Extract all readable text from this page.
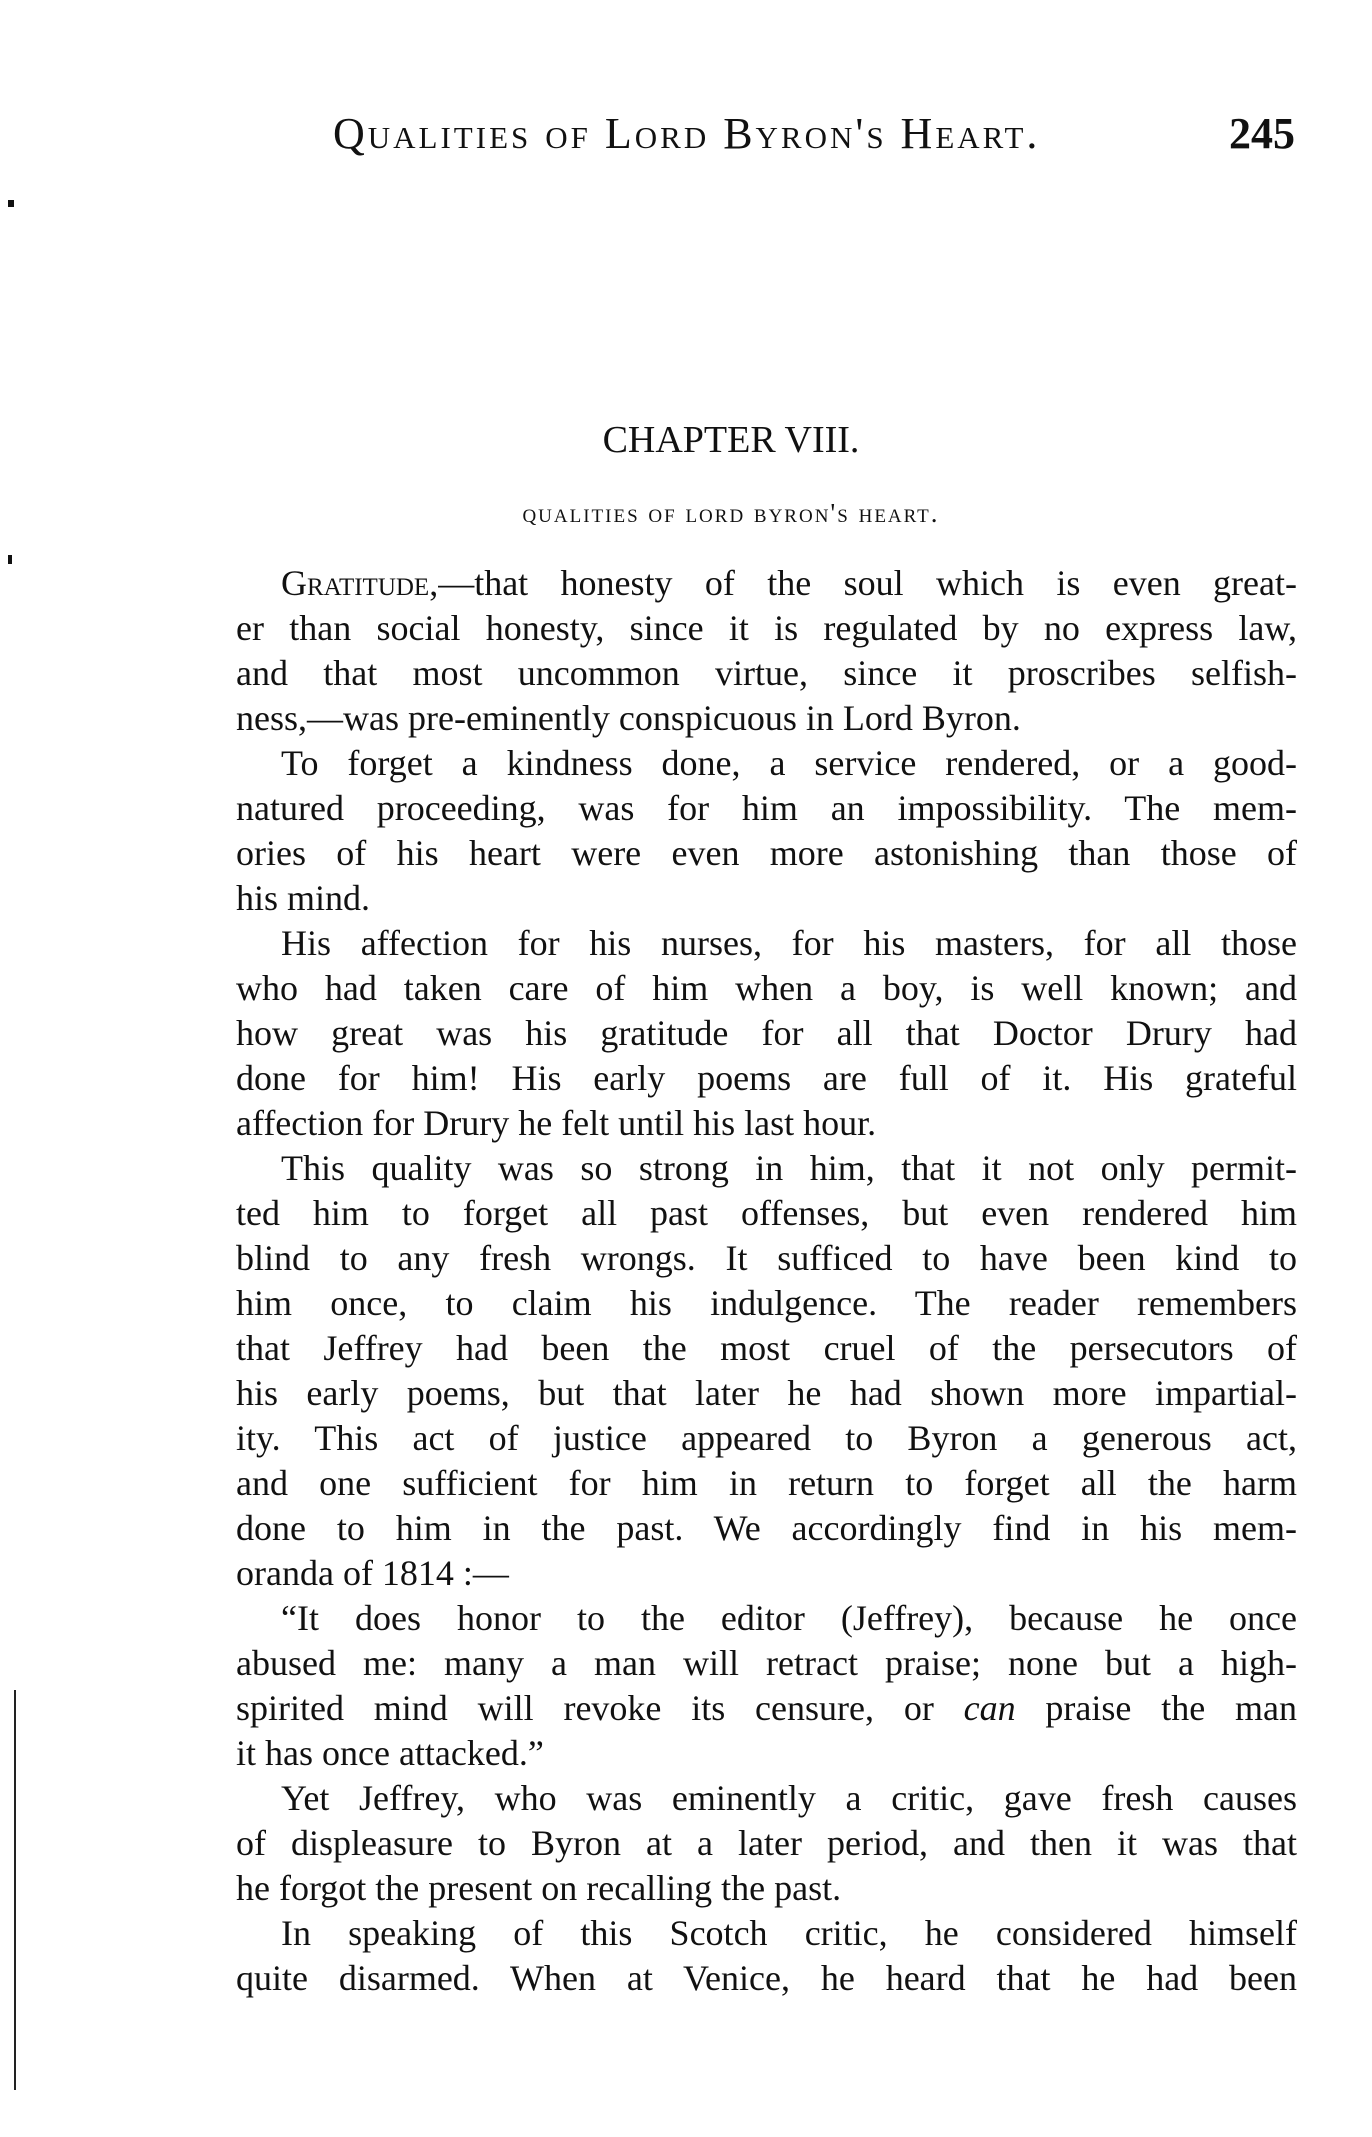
Qualities of Lord Byron's Heart.	245
CHAPTER VIII.
qualities of lord byron's heart.
Gratitude,—that honesty of the soul which is even great-
er than social honesty, since it is regulated by no express law,
and that most uncommon virtue, since it proscribes selfish-
ness,—was pre-eminently conspicuous in Lord Byron.
To forget a kindness done, a service rendered, or a good-
natured proceeding, was for him an impossibility. The mem-
ories of his heart were even more astonishing than those of
his mind.
His affection for his nurses, for his masters, for all those
who had taken care of him when a boy, is well known; and
how great was his gratitude for all that Doctor Drury had
done for him! His early poems are full of it. His grateful
affection for Drury he felt until his last hour.
This quality was so strong in him, that it not only permit-
ted him to forget all past offenses, but even rendered him
blind to any fresh wrongs. It sufficed to have been kind to
him once, to claim his indulgence. The reader remembers
that Jeffrey had been the most cruel of the persecutors of
his early poems, but that later he had shown more impartial-
ity. This act of justice appeared to Byron a generous act,
and one sufficient for him in return to forget all the harm
done to him in the past. We accordingly find in his mem-
oranda of 1814 :—
“It does honor to the editor (Jeffrey), because he once
abused me: many a man will retract praise; none but a high-
spirited mind will revoke its censure, or can praise the man
it has once attacked.”
Yet Jeffrey, who was eminently a critic, gave fresh causes
of displeasure to Byron at a later period, and then it was that
he forgot the present on recalling the past.
In speaking of this Scotch critic, he considered himself
quite disarmed. When at Venice, he heard that he had been
